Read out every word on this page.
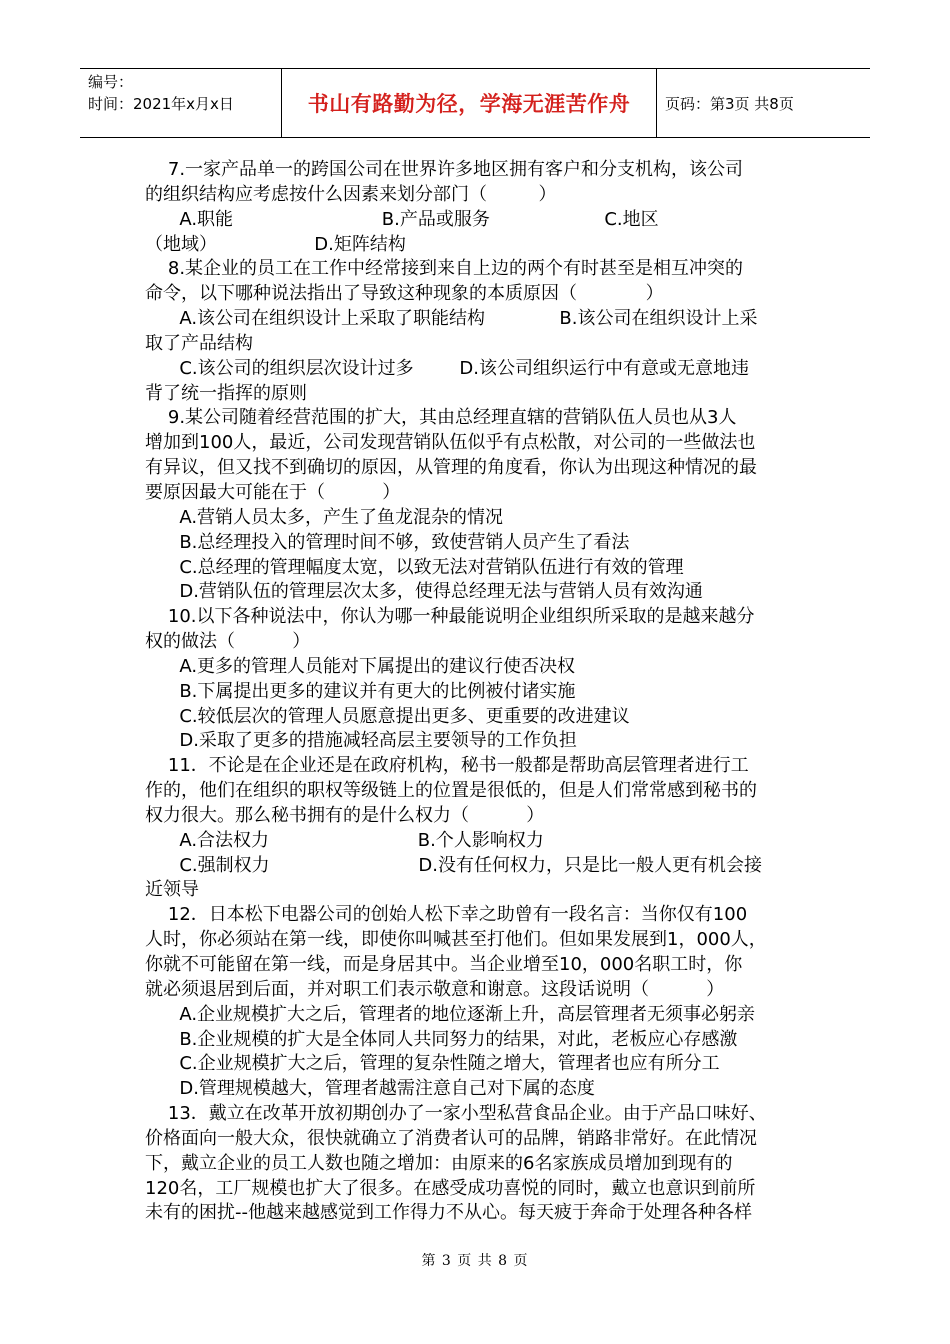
编号：
时间：2021年x月x日	书山有路勤为径，学海无涯苦作舟	页码：第3页 共8页
7.一家产品单一的跨国公司在世界许多地区拥有客户和分支机构，该公司
的组织结构应考虑按什么因素来划分部门（         ）
A.职能                          B.产品或服务                    C.地区
（地域）                 D.矩阵结构
8.某企业的员工在工作中经常接到来自上边的两个有时甚至是相互冲突的
命令，以下哪种说法指出了导致这种现象的本质原因（            ）
A.该公司在组织设计上采取了职能结构             B.该公司在组织设计上采
取了产品结构
C.该公司的组织层次设计过多        D.该公司组织运行中有意或无意地违
背了统一指挥的原则
9.某公司随着经营范围的扩大，其由总经理直辖的营销队伍人员也从3人
增加到100人，最近，公司发现营销队伍似乎有点松散，对公司的一些做法也
有异议，但又找不到确切的原因，从管理的角度看，你认为出现这种情况的最
要原因最大可能在于（          ）
A.营销人员太多，产生了鱼龙混杂的情况
B.总经理投入的管理时间不够，致使营销人员产生了看法
C.总经理的管理幅度太宽，以致无法对营销队伍进行有效的管理
D.营销队伍的管理层次太多，使得总经理无法与营销人员有效沟通
10.以下各种说法中，你认为哪一种最能说明企业组织所采取的是越来越分
权的做法（          ）
A.更多的管理人员能对下属提出的建议行使否决权
B.下属提出更多的建议并有更大的比例被付诸实施
C.较低层次的管理人员愿意提出更多、更重要的改进建议
D.采取了更多的措施减轻高层主要领导的工作负担
11．不论是在企业还是在政府机构，秘书一般都是帮助高层管理者进行工
作的，他们在组织的职权等级链上的位置是很低的，但是人们常常感到秘书的
权力很大。那么秘书拥有的是什么权力（          ）
A.合法权力                          B.个人影响权力
C.强制权力                          D.没有任何权力，只是比一般人更有机会接
近领导
12．日本松下电器公司的创始人松下幸之助曾有一段名言：当你仅有100
人时，你必须站在第一线，即使你叫喊甚至打他们。但如果发展到1，000人，
你就不可能留在第一线，而是身居其中。当企业增至10，000名职工时，你
就必须退居到后面，并对职工们表示敬意和谢意。这段话说明（          ）
A.企业规模扩大之后，管理者的地位逐渐上升，高层管理者无须事必躬亲
B.企业规模的扩大是全体同人共同努力的结果，对此，老板应心存感激
C.企业规模扩大之后，管理的复杂性随之增大，管理者也应有所分工
D.管理规模越大，管理者越需注意自己对下属的态度
13．戴立在改革开放初期创办了一家小型私营食品企业。由于产品口味好、
价格面向一般大众，很快就确立了消费者认可的品牌，销路非常好。在此情况
下，戴立企业的员工人数也随之增加：由原来的6名家族成员增加到现有的
120名，工厂规模也扩大了很多。在感受成功喜悦的同时，戴立也意识到前所
未有的困扰--他越来越感觉到工作得力不从心。每天疲于奔命于处理各种各样
第 3 页 共 8 页
